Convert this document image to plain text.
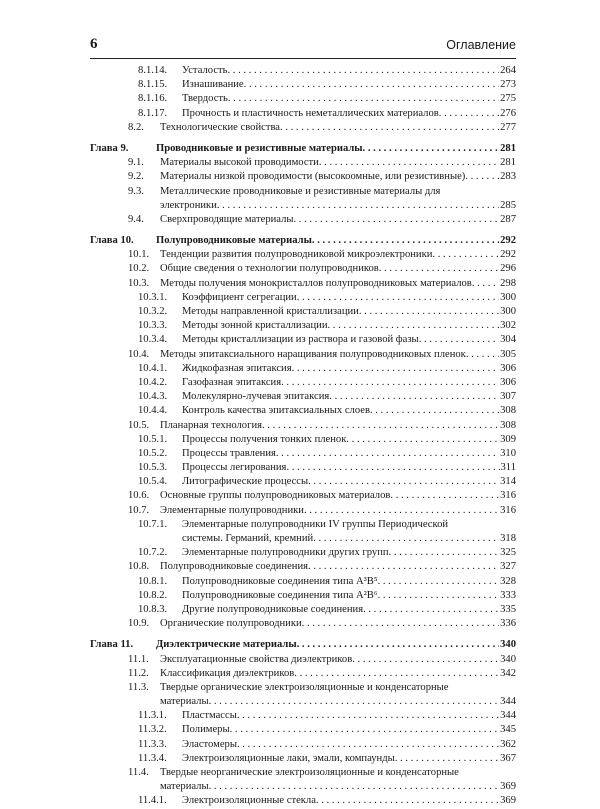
6	Оглавление
8.1.14. Усталость . . .	264
8.1.15. Изнашивание . . .	273
8.1.16. Твердость . . .	275
8.1.17. Прочность и пластичность неметаллических материалов . . .	276
8.2. Технологические свойства . . .	277
Глава 9.	Проводниковые и резистивные материалы . . .	281
9.1. Материалы высокой проводимости . . .	281
9.2. Материалы низкой проводимости (высокоомные, или резистивные) . . .	283
9.3. Металлические проводниковые и резистивные материалы для
электроники . . .	285
9.4. Сверхпроводящие материалы . . .	287
Глава 10. Полупроводниковые материалы . . .	292
10.1. Тенденции развития полупроводниковой микроэлектроники . . .	292
10.2. Общие сведения о технологии полупроводников . . .	296
10.3. Методы получения монокристаллов полупроводниковых материалов . . .	298
10.3.1. Коэффициент сегрегации . . .	300
10.3.2. Методы направленной кристаллизации . . .	300
10.3.3. Методы зонной кристаллизации . . .	302
10.3.4. Методы кристаллизации из раствора и газовой фазы . . .	304
10.4. Методы эпитаксиального наращивания полупроводниковых пленок . . .	305
10.4.1. Жидкофазная эпитаксия . . .	306
10.4.2. Газофазная эпитаксия . . .	306
10.4.3. Молекулярно-лучевая эпитаксия . . .	307
10.4.4. Контроль качества эпитаксиальных слоев . . .	308
10.5. Планарная технология . . .	308
10.5.1. Процессы получения тонких пленок . . .	309
10.5.2. Процессы травления . . .	310
10.5.3. Процессы легирования . . .	311
10.5.4. Литографические процессы . . .	314
10.6. Основные группы полупроводниковых материалов . . .	316
10.7. Элементарные полупроводники . . .	316
10.7.1. Элементарные полупроводники IV группы Периодической
системы. Германий, кремний . . .	318
10.7.2. Элементарные полупроводники других групп . . .	325
10.8. Полупроводниковые соединения . . .	327
10.8.1. Полупроводниковые соединения типа A³B⁵ . . .	328
10.8.2. Полупроводниковые соединения типа A²B⁶ . . .	333
10.8.3. Другие полупроводниковые соединения . . .	335
10.9. Органические полупроводники . . .	336
Глава 11. Диэлектрические материалы . . .	340
11.1. Эксплуатационные свойства диэлектриков . . .	340
11.2. Классификация диэлектриков . . .	342
11.3. Твердые органические электроизоляционные и конденсаторные
материалы . . .	344
11.3.1. Пластмассы . . .	344
11.3.2. Полимеры . . .	345
11.3.3. Эластомеры . . .	362
11.3.4. Электроизоляционные лаки, эмали, компаунды . . .	367
11.4. Твердые неорганические электроизоляционные и конденсаторные
материалы . . .	369
11.4.1. Электроизоляционные стекла . . .	369
